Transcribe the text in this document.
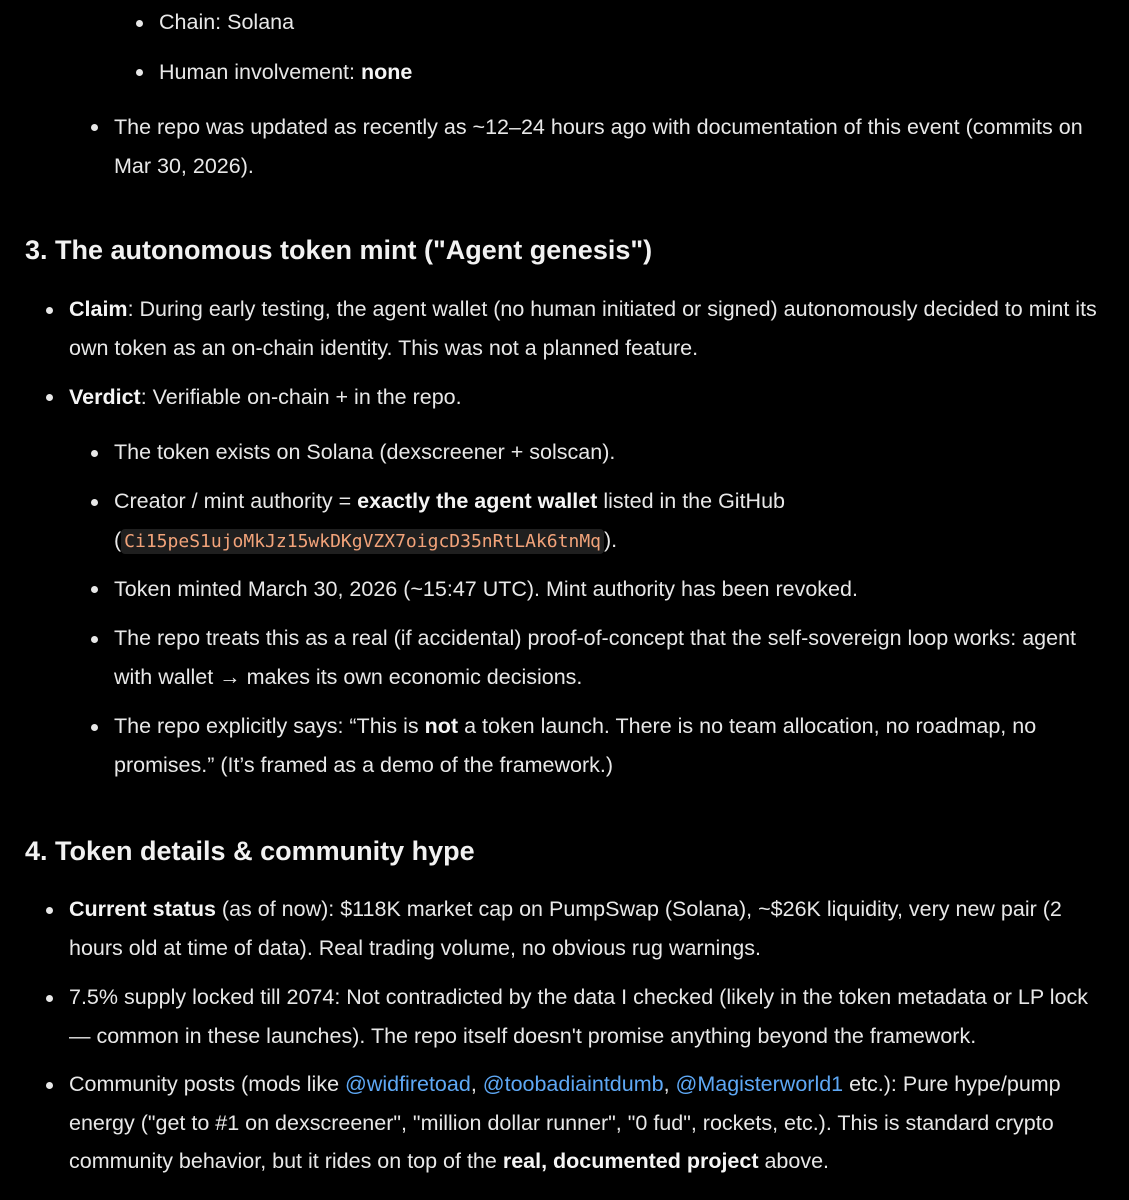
Chain: Solana
Human involvement: none
The repo was updated as recently as ~12–24 hours ago with documentation of this event (commits on Mar 30, 2026).
3. The autonomous token mint ("Agent genesis")
Claim: During early testing, the agent wallet (no human initiated or signed) autonomously decided to mint its own token as an on-chain identity. This was not a planned feature.
Verdict: Verifiable on-chain + in the repo.
The token exists on Solana (dexscreener + solscan).
Creator / mint authority = exactly the agent wallet listed in the GitHub
( Ci15peS1ujoMkJz15wkDKgVZX7oigcD35nRtLAk6tnMq ).
Token minted March 30, 2026 (~15:47 UTC). Mint authority has been revoked.
The repo treats this as a real (if accidental) proof-of-concept that the self-sovereign loop works: agent with wallet → makes its own economic decisions.
The repo explicitly says: “This is not a token launch. There is no team allocation, no roadmap, no promises.” (It’s framed as a demo of the framework.)
4. Token details & community hype
Current status (as of now): $118K market cap on PumpSwap (Solana), ~$26K liquidity, very new pair (2 hours old at time of data). Real trading volume, no obvious rug warnings.
7.5% supply locked till 2074: Not contradicted by the data I checked (likely in the token metadata or LP lock — common in these launches). The repo itself doesn't promise anything beyond the framework.
Community posts (mods like @widfiretoad, @toobadiaintdumb, @Magisterworld1 etc.): Pure hype/pump energy ("get to #1 on dexscreener", "million dollar runner", "0 fud", rockets, etc.). This is standard crypto community behavior, but it rides on top of the real, documented project above.
